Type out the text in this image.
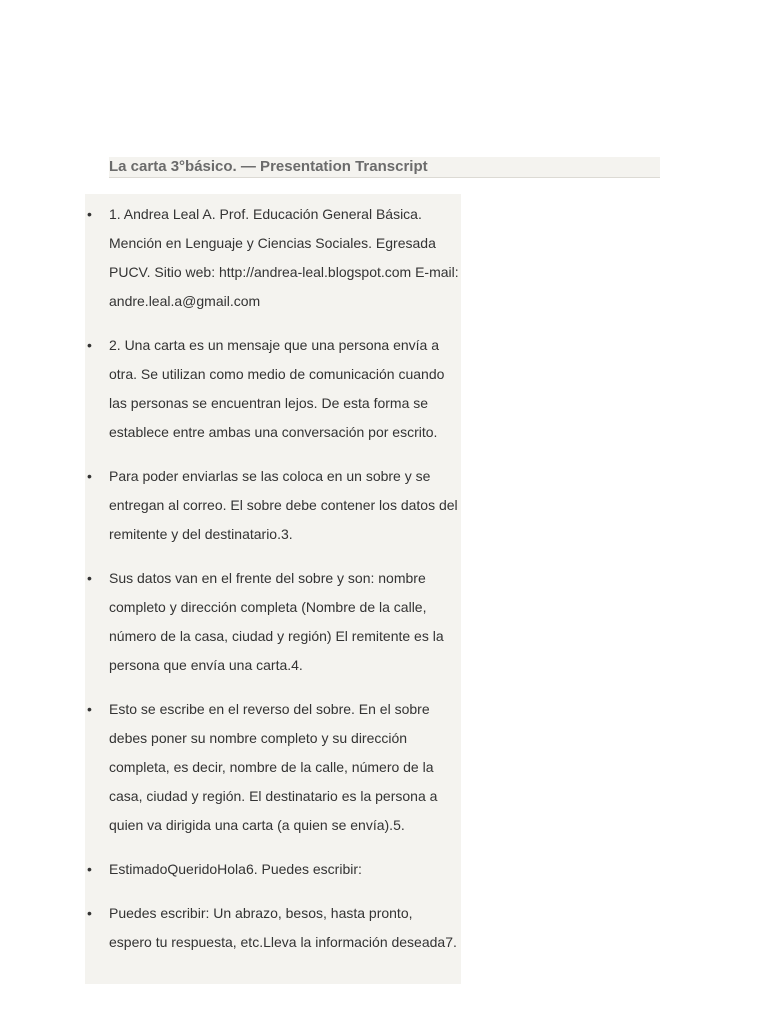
La carta 3°básico. — Presentation Transcript
• 1. Andrea Leal A. Prof. Educación General Básica. Mención en Lenguaje y Ciencias Sociales. Egresada PUCV. Sitio web: http://andrea-leal.blogspot.com E-mail: andre.leal.a@gmail.com
• 2. Una carta es un mensaje que una persona envía a otra. Se utilizan como medio de comunicación cuando las personas se encuentran lejos. De esta forma se establece entre ambas una conversación por escrito.
• Para poder enviarlas se las coloca en un sobre y se entregan al correo. El sobre debe contener los datos del remitente y del destinatario.3.
• Sus datos van en el frente del sobre y son: nombre completo y dirección completa (Nombre de la calle, número de la casa, ciudad y región) El remitente es la persona que envía una carta.4.
• Esto se escribe en el reverso del sobre. En el sobre debes poner su nombre completo y su dirección completa, es decir, nombre de la calle, número de la casa, ciudad y región. El destinatario es la persona a quien va dirigida una carta (a quien se envía).5.
• EstimadoQueridoHola6. Puedes escribir:
• Puedes escribir: Un abrazo, besos, hasta pronto, espero tu respuesta, etc.Lleva la información deseada7.
